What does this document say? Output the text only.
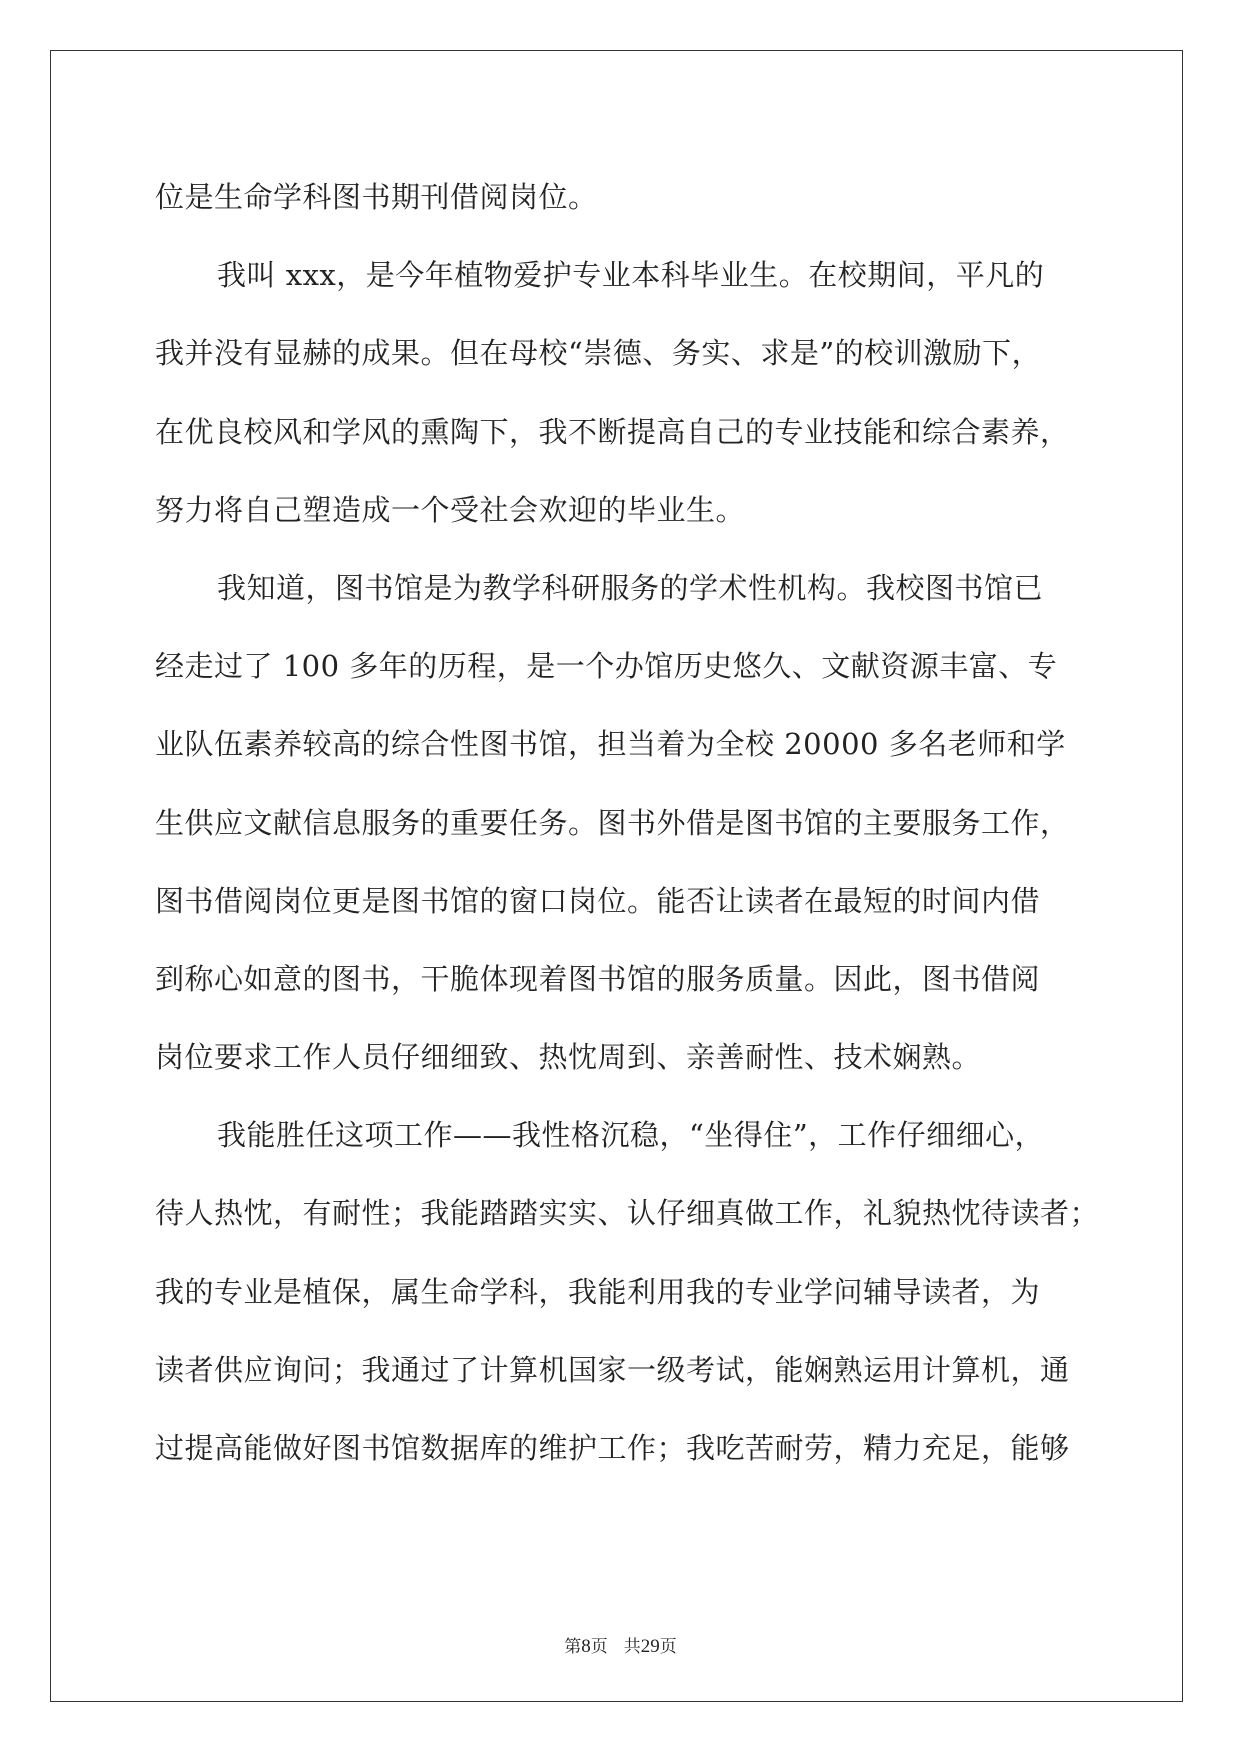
位是生命学科图书期刊借阅岗位。
我叫 xxx，是今年植物爱护专业本科毕业生。在校期间，平凡的
我并没有显赫的成果。但在母校“崇德、务实、求是”的校训激励下，
在优良校风和学风的熏陶下，我不断提高自己的专业技能和综合素养，
努力将自己塑造成一个受社会欢迎的毕业生。
我知道，图书馆是为教学科研服务的学术性机构。我校图书馆已
经走过了 100 多年的历程，是一个办馆历史悠久、文献资源丰富、专
业队伍素养较高的综合性图书馆，担当着为全校 20000 多名老师和学
生供应文献信息服务的重要任务。图书外借是图书馆的主要服务工作，
图书借阅岗位更是图书馆的窗口岗位。能否让读者在最短的时间内借
到称心如意的图书，干脆体现着图书馆的服务质量。因此，图书借阅
岗位要求工作人员仔细细致、热忱周到、亲善耐性、技术娴熟。
我能胜任这项工作——我性格沉稳，“坐得住”，工作仔细细心，
待人热忱，有耐性；我能踏踏实实、认仔细真做工作，礼貌热忱待读者；
我的专业是植保，属生命学科，我能利用我的专业学问辅导读者，为
读者供应询问；我通过了计算机国家一级考试，能娴熟运用计算机，通
过提高能做好图书馆数据库的维护工作；我吃苦耐劳，精力充足，能够
第8页 共29页
